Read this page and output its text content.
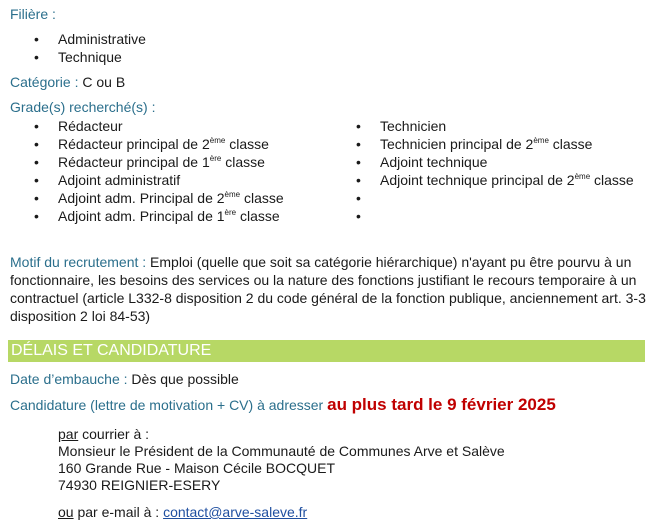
Filière :
• Administrative
• Technique
Catégorie : C ou B
Grade(s) recherché(s) :
• Rédacteur
• Rédacteur principal de 2ème classe
• Rédacteur principal de 1ère classe
• Adjoint administratif
• Adjoint adm. Principal de 2ème classe
• Adjoint adm. Principal de 1ère classe
• Technicien
• Technicien principal de 2ème classe
• Adjoint technique
• Adjoint technique principal de 2ème classe
•
•
Motif du recrutement : Emploi (quelle que soit sa catégorie hiérarchique) n'ayant pu être pourvu à un fonctionnaire, les besoins des services ou la nature des fonctions justifiant le recours temporaire à un contractuel (article L332-8 disposition 2 du code général de la fonction publique, anciennement art. 3-3 disposition 2 loi 84-53)
DÉLAIS ET CANDIDATURE
Date d’embauche : Dès que possible
Candidature (lettre de motivation + CV) à adresser au plus tard le 9 février 2025
par courrier à :
Monsieur le Président de la Communauté de Communes Arve et Salève
160 Grande Rue - Maison Cécile BOCQUET
74930 REIGNIER-ESERY
ou par e-mail à : contact@arve-saleve.fr
